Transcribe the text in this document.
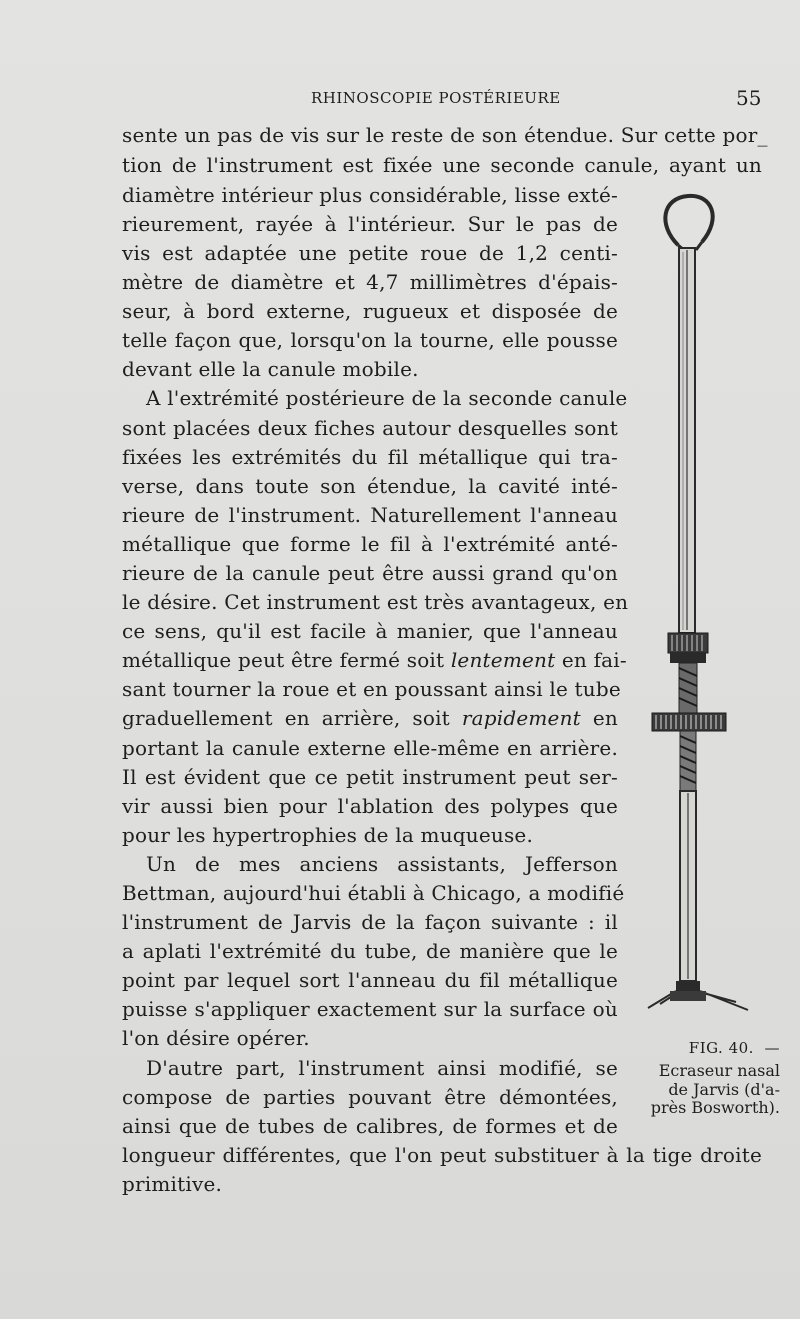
RHINOSCOPIE POSTÉRIEURE	55
sente un pas de vis sur le reste de son étendue. Sur cette por_
tion de l'instrument est fixée une seconde canule, ayant un
diamètre intérieur plus considérable, lisse exté-
rieurement, rayée à l'intérieur. Sur le pas de
vis est adaptée une petite roue de 1,2 centi-
mètre de diamètre et 4,7 millimètres d'épais-
seur, à bord externe, rugueux et disposée de
telle façon que, lorsqu'on la tourne, elle pousse
devant elle la canule mobile.
A l'extrémité postérieure de la seconde canule
sont placées deux fiches autour desquelles sont
fixées les extrémités du fil métallique qui tra-
verse, dans toute son étendue, la cavité inté-
rieure de l'instrument. Naturellement l'anneau
métallique que forme le fil à l'extrémité anté-
rieure de la canule peut être aussi grand qu'on
le désire. Cet instrument est très avantageux, en
ce sens, qu'il est facile à manier, que l'anneau
métallique peut être fermé soit lentement en fai-
sant tourner la roue et en poussant ainsi le tube
graduellement en arrière, soit rapidement en
portant la canule externe elle-même en arrière.
Il est évident que ce petit instrument peut ser-
vir aussi bien pour l'ablation des polypes que
pour les hypertrophies de la muqueuse.
Un de mes anciens assistants, Jefferson
Bettman, aujourd'hui établi à Chicago, a modifié
l'instrument de Jarvis de la façon suivante : il
a aplati l'extrémité du tube, de manière que le
point par lequel sort l'anneau du fil métallique
puisse s'appliquer exactement sur la surface où
l'on désire opérer.
D'autre part, l'instrument ainsi modifié, se
compose de parties pouvant être démontées,
ainsi que de tubes de calibres, de formes et de
longueur différentes, que l'on peut substituer à la tige droite
primitive.
FIG. 40. —
Ecraseur nasal
de Jarvis (d'a-
près Bosworth).
